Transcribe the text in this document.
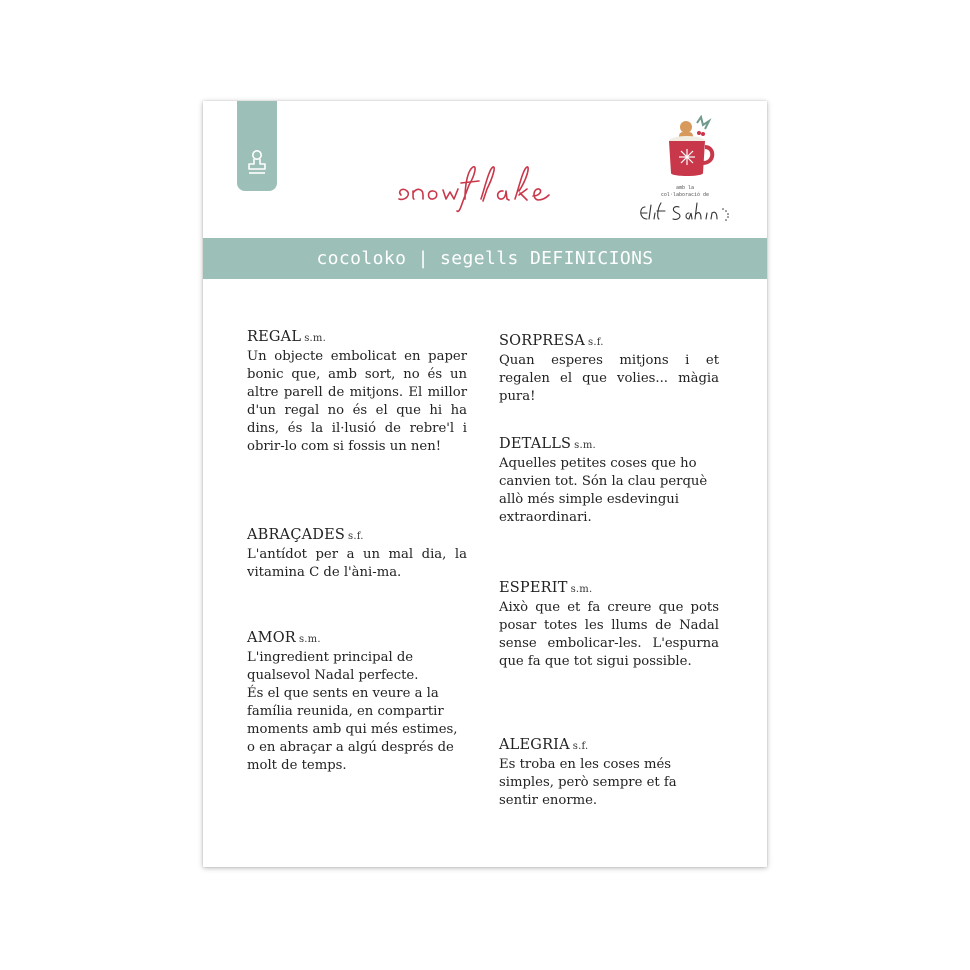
amb la
col·laboració de
cocoloko | segells DEFINICIONS
REGAL s.m.

Un objecte embolicat en paper bonic que, amb sort, no és un altre parell de mitjons. El millor d'un regal no és el que hi ha dins, és la il·lusió de rebre'l i obrir-lo com si fossis un nen!

ABRAÇADES s.f.

L'antídot per a un mal dia, la vitamina C de l'àni-ma.

AMOR s.m.

L'ingredient principal de qualsevol Nadal perfecte.

És el que sents en veure a la família reunida, en compartir moments amb qui més estimes, o en abraçar a algú després de molt de temps.

SORPRESA s.f.

Quan esperes mitjons i et regalen el que volies... màgia pura!

DETALLS s.m.

Aquelles petites coses que ho canvien tot. Són la clau perquè allò més simple esdevingui extraordinari.

ESPERIT s.m.

Això que et fa creure que pots posar totes les llums de Nadal sense embolicar-les. L'espurna que fa que tot sigui possible.

ALEGRIA s.f.

Es troba en les coses més simples, però sempre et fa sentir enorme.
